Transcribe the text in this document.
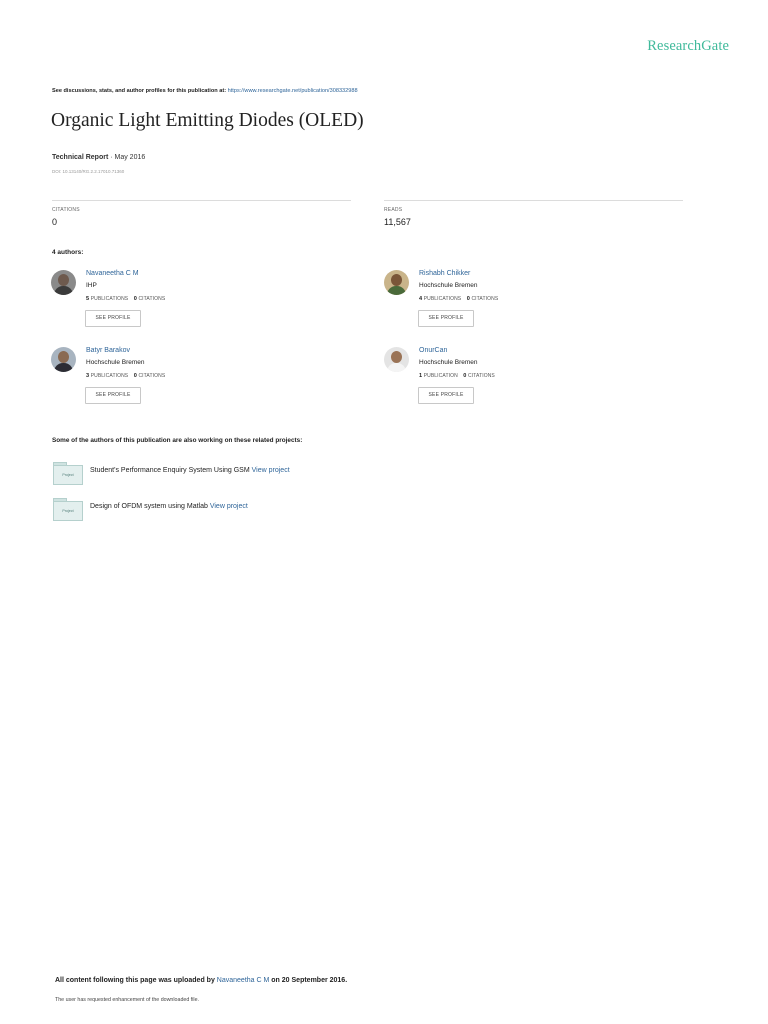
ResearchGate
See discussions, stats, and author profiles for this publication at: https://www.researchgate.net/publication/308332988
Organic Light Emitting Diodes (OLED)
Technical Report · May 2016
DOI: 10.13140/RG.2.2.17010.71360
CITATIONS
0
READS
11,567
4 authors:
Navaneetha C M
IHP
5 PUBLICATIONS 0 CITATIONS
SEE PROFILE
Rishabh Chikker
Hochschule Bremen
4 PUBLICATIONS 0 CITATIONS
SEE PROFILE
Batyr Barakov
Hochschule Bremen
3 PUBLICATIONS 0 CITATIONS
SEE PROFILE
OnurCan
Hochschule Bremen
1 PUBLICATION 0 CITATIONS
SEE PROFILE
Some of the authors of this publication are also working on these related projects:
Project
Student's Performance Enquiry System Using GSM View project
Project
Design of OFDM system using Matlab View project
All content following this page was uploaded by Navaneetha C M on 20 September 2016.
The user has requested enhancement of the downloaded file.
